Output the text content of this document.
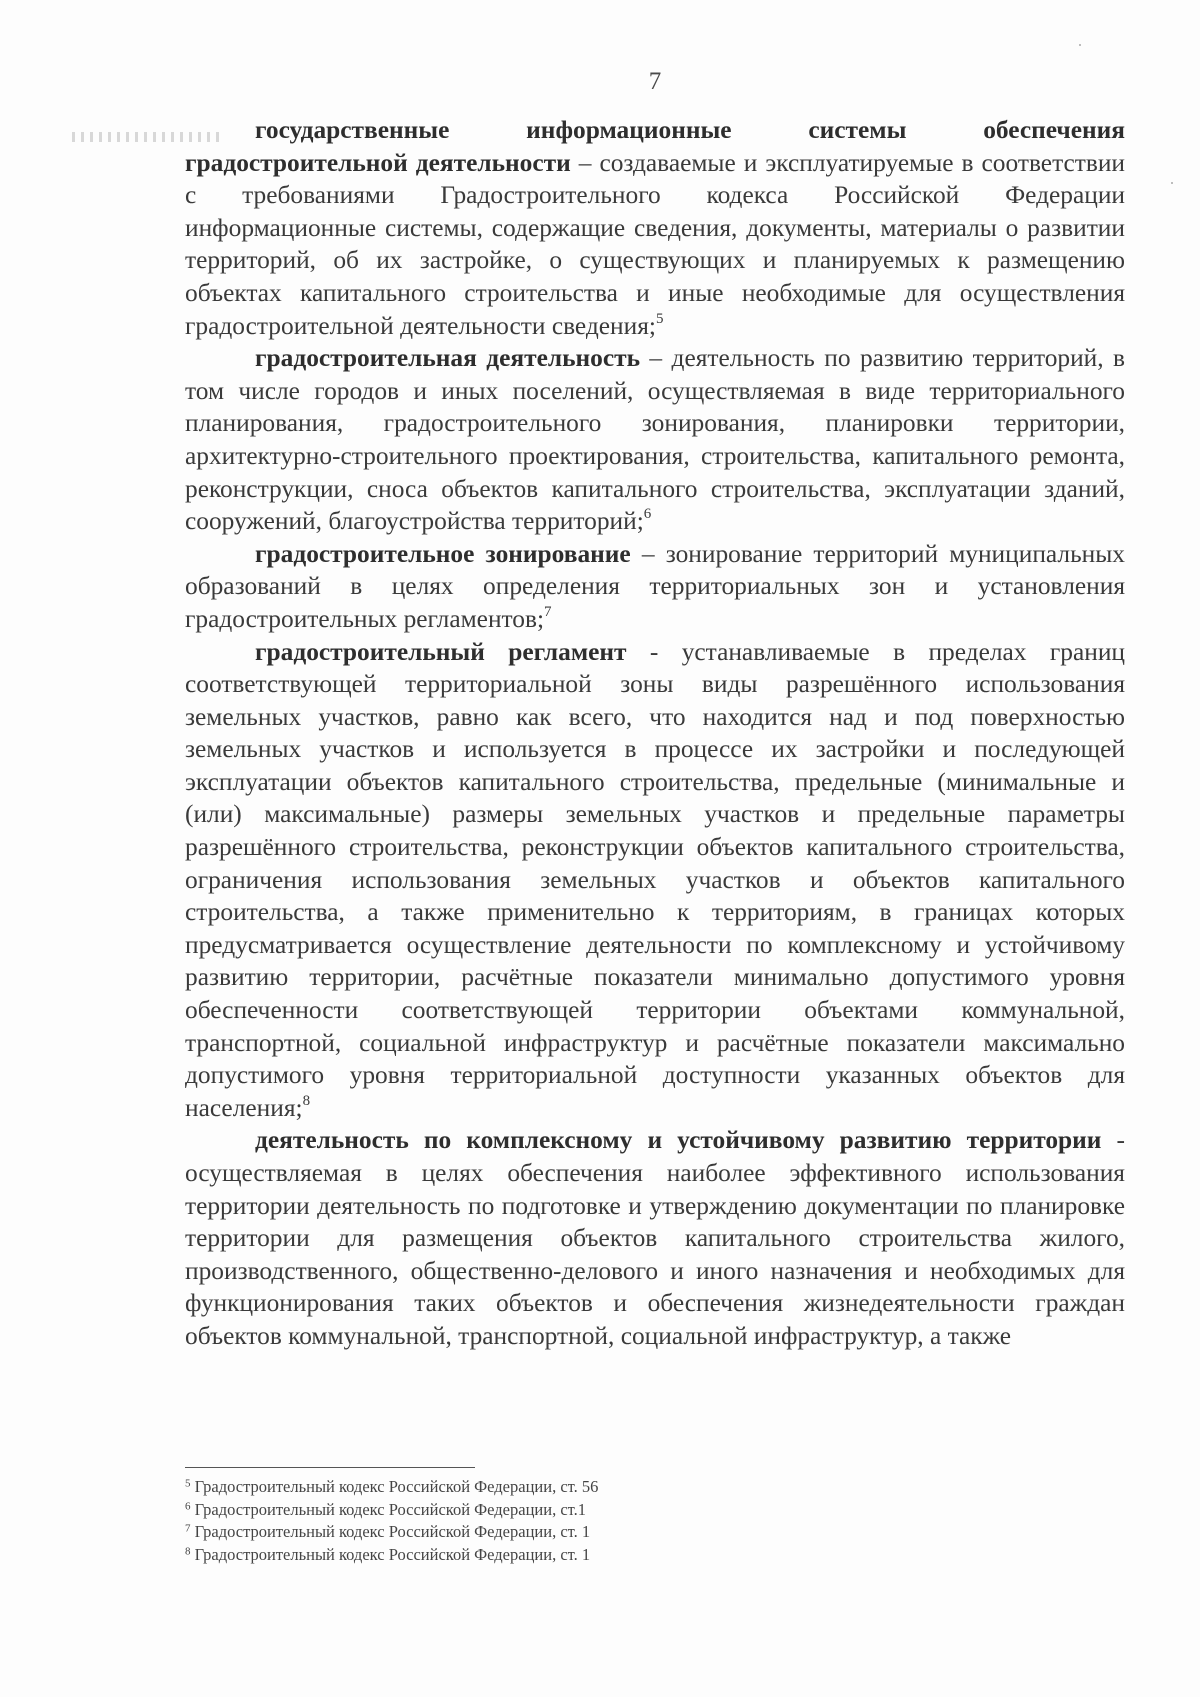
7

государственные информационные системы обеспечения градостроительной деятельности – создаваемые и эксплуатируемые в соответствии с требованиями Градостроительного кодекса Российской Федерации информационные системы, содержащие сведения, документы, материалы о развитии территорий, об их застройке, о существующих и планируемых к размещению объектах капитального строительства и иные необходимые для осуществления градостроительной деятельности сведения;$^5$

градостроительная деятельность – деятельность по развитию территорий, в том числе городов и иных поселений, осуществляемая в виде территориального планирования, градостроительного зонирования, планировки территории, архитектурно-строительного проектирования, строительства, капитального ремонта, реконструкции, сноса объектов капитального строительства, эксплуатации зданий, сооружений, благоустройства территорий;$^6$

градостроительное зонирование – зонирование территорий муниципальных образований в целях определения территориальных зон и установления градостроительных регламентов;$^7$

градостроительный регламент - устанавливаемые в пределах границ соответствующей территориальной зоны виды разрешённого использования земельных участков, равно как всего, что находится над и под поверхностью земельных участков и используется в процессе их застройки и последующей эксплуатации объектов капитального строительства, предельные (минимальные и (или) максимальные) размеры земельных участков и предельные параметры разрешённого строительства, реконструкции объектов капитального строительства, ограничения использования земельных участков и объектов капитального строительства, а также применительно к территориям, в границах которых предусматривается осуществление деятельности по комплексному и устойчивому развитию территории, расчётные показатели минимально допустимого уровня обеспеченности соответствующей территории объектами коммунальной, транспортной, социальной инфраструктур и расчётные показатели максимально допустимого уровня территориальной доступности указанных объектов для населения;$^8$

деятельность по комплексному и устойчивому развитию территории - осуществляемая в целях обеспечения наиболее эффективного использования территории деятельность по подготовке и утверждению документации по планировке территории для размещения объектов капитального строительства жилого, производственного, общественно-делового и иного назначения и необходимых для функционирования таких объектов и обеспечения жизнедеятельности граждан объектов коммунальной, транспортной, социальной инфраструктур, а также

$^5$ Градостроительный кодекс Российской Федерации, ст. 56
$^6$ Градостроительный кодекс Российской Федерации, ст.1
$^7$ Градостроительный кодекс Российской Федерации, ст. 1
$^8$ Градостроительный кодекс Российской Федерации, ст. 1
